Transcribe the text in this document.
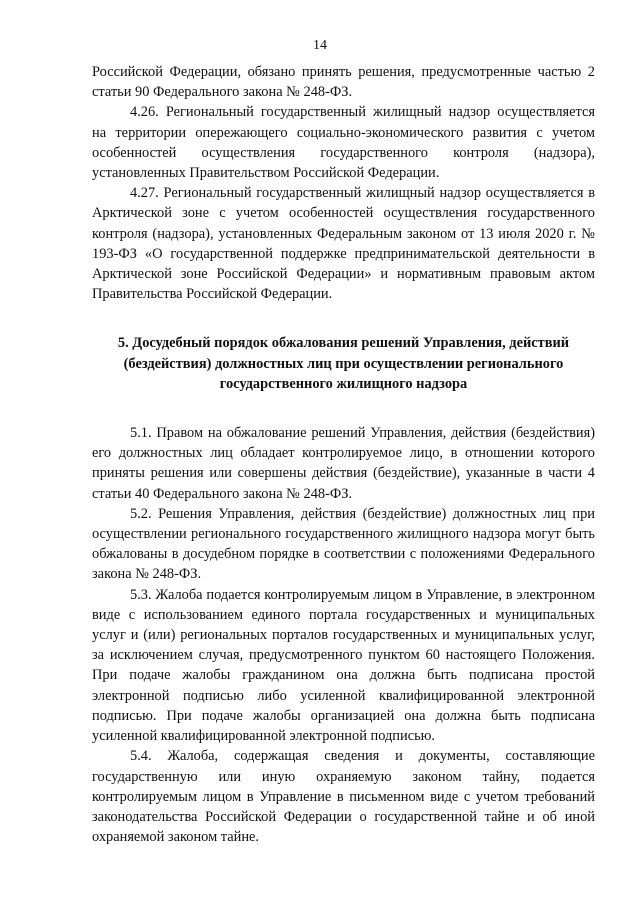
14

Российской Федерации, обязано принять решения, предусмотренные частью 2 статьи 90 Федерального закона № 248-ФЗ.

4.26. Региональный государственный жилищный надзор осуществляется на территории опережающего социально-экономического развития с учетом особенностей осуществления государственного контроля (надзора), установленных Правительством Российской Федерации.

4.27. Региональный государственный жилищный надзор осуществляется в Арктической зоне с учетом особенностей осуществления государственного контроля (надзора), установленных Федеральным законом от 13 июля 2020 г. № 193-ФЗ «О государственной поддержке предпринимательской деятельности в Арктической зоне Российской Федерации» и нормативным правовым актом Правительства Российской Федерации.

5. Досудебный порядок обжалования решений Управления, действий (бездействия) должностных лиц при осуществлении регионального государственного жилищного надзора

5.1. Правом на обжалование решений Управления, действия (бездействия) его должностных лиц обладает контролируемое лицо, в отношении которого приняты решения или совершены действия (бездействие), указанные в части 4 статьи 40 Федерального закона № 248-ФЗ.

5.2. Решения Управления, действия (бездействие) должностных лиц при осуществлении регионального государственного жилищного надзора могут быть обжалованы в досудебном порядке в соответствии с положениями Федерального закона № 248-ФЗ.

5.3. Жалоба подается контролируемым лицом в Управление, в электронном виде с использованием единого портала государственных и муниципальных услуг и (или) региональных порталов государственных и муниципальных услуг, за исключением случая, предусмотренного пунктом 60 настоящего Положения. При подаче жалобы гражданином она должна быть подписана простой электронной подписью либо усиленной квалифицированной электронной подписью. При подаче жалобы организацией она должна быть подписана усиленной квалифицированной электронной подписью.

5.4. Жалоба, содержащая сведения и документы, составляющие государственную или иную охраняемую законом тайну, подается контролируемым лицом в Управление в письменном виде с учетом требований законодательства Российской Федерации о государственной тайне и об иной охраняемой законом тайне.
